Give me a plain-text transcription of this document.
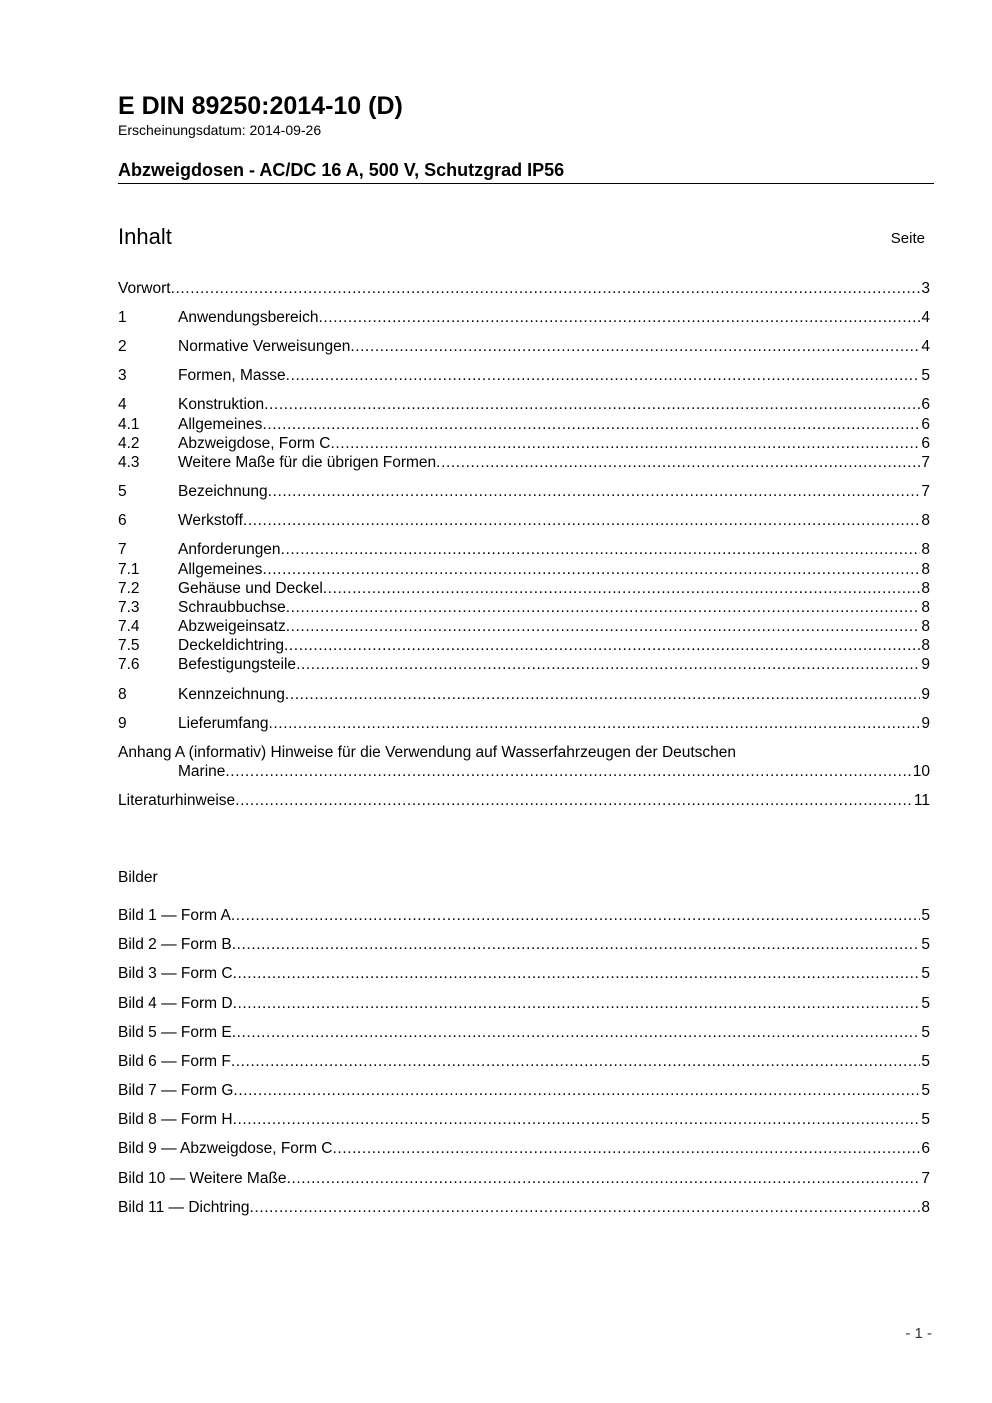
E DIN 89250:2014-10 (D)
Erscheinungsdatum: 2014-09-26
Abzweigdosen - AC/DC 16 A, 500 V, Schutzgrad IP56
Inhalt	Seite
Vorwort .....	3
1	Anwendungsbereich .....	4
2	Normative Verweisungen .....	4
3	Formen, Masse .....	5
4	Konstruktion .....	6
4.1	Allgemeines .....	6
4.2	Abzweigdose, Form C .....	6
4.3	Weitere Maße für die übrigen Formen .....	7
5	Bezeichnung .....	7
6	Werkstoff .....	8
7	Anforderungen .....	8
7.1	Allgemeines .....	8
7.2	Gehäuse und Deckel .....	8
7.3	Schraubbuchse .....	8
7.4	Abzweigeinsatz .....	8
7.5	Deckeldichtring .....	8
7.6	Befestigungsteile .....	9
8	Kennzeichnung .....	9
9	Lieferumfang .....	9
Anhang A (informativ) Hinweise für die Verwendung auf Wasserfahrzeugen der Deutschen
Marine .....	10
Literaturhinweise .....	11
Bilder
Bild 1 — Form A .....	5
Bild 2 — Form B .....	5
Bild 3 — Form C .....	5
Bild 4 — Form D .....	5
Bild 5 — Form E .....	5
Bild 6 — Form F .....	5
Bild 7 — Form G .....	5
Bild 8 — Form H .....	5
Bild 9 — Abzweigdose, Form C .....	6
Bild 10 — Weitere Maße .....	7
Bild 11 — Dichtring .....	8
- 1 -
